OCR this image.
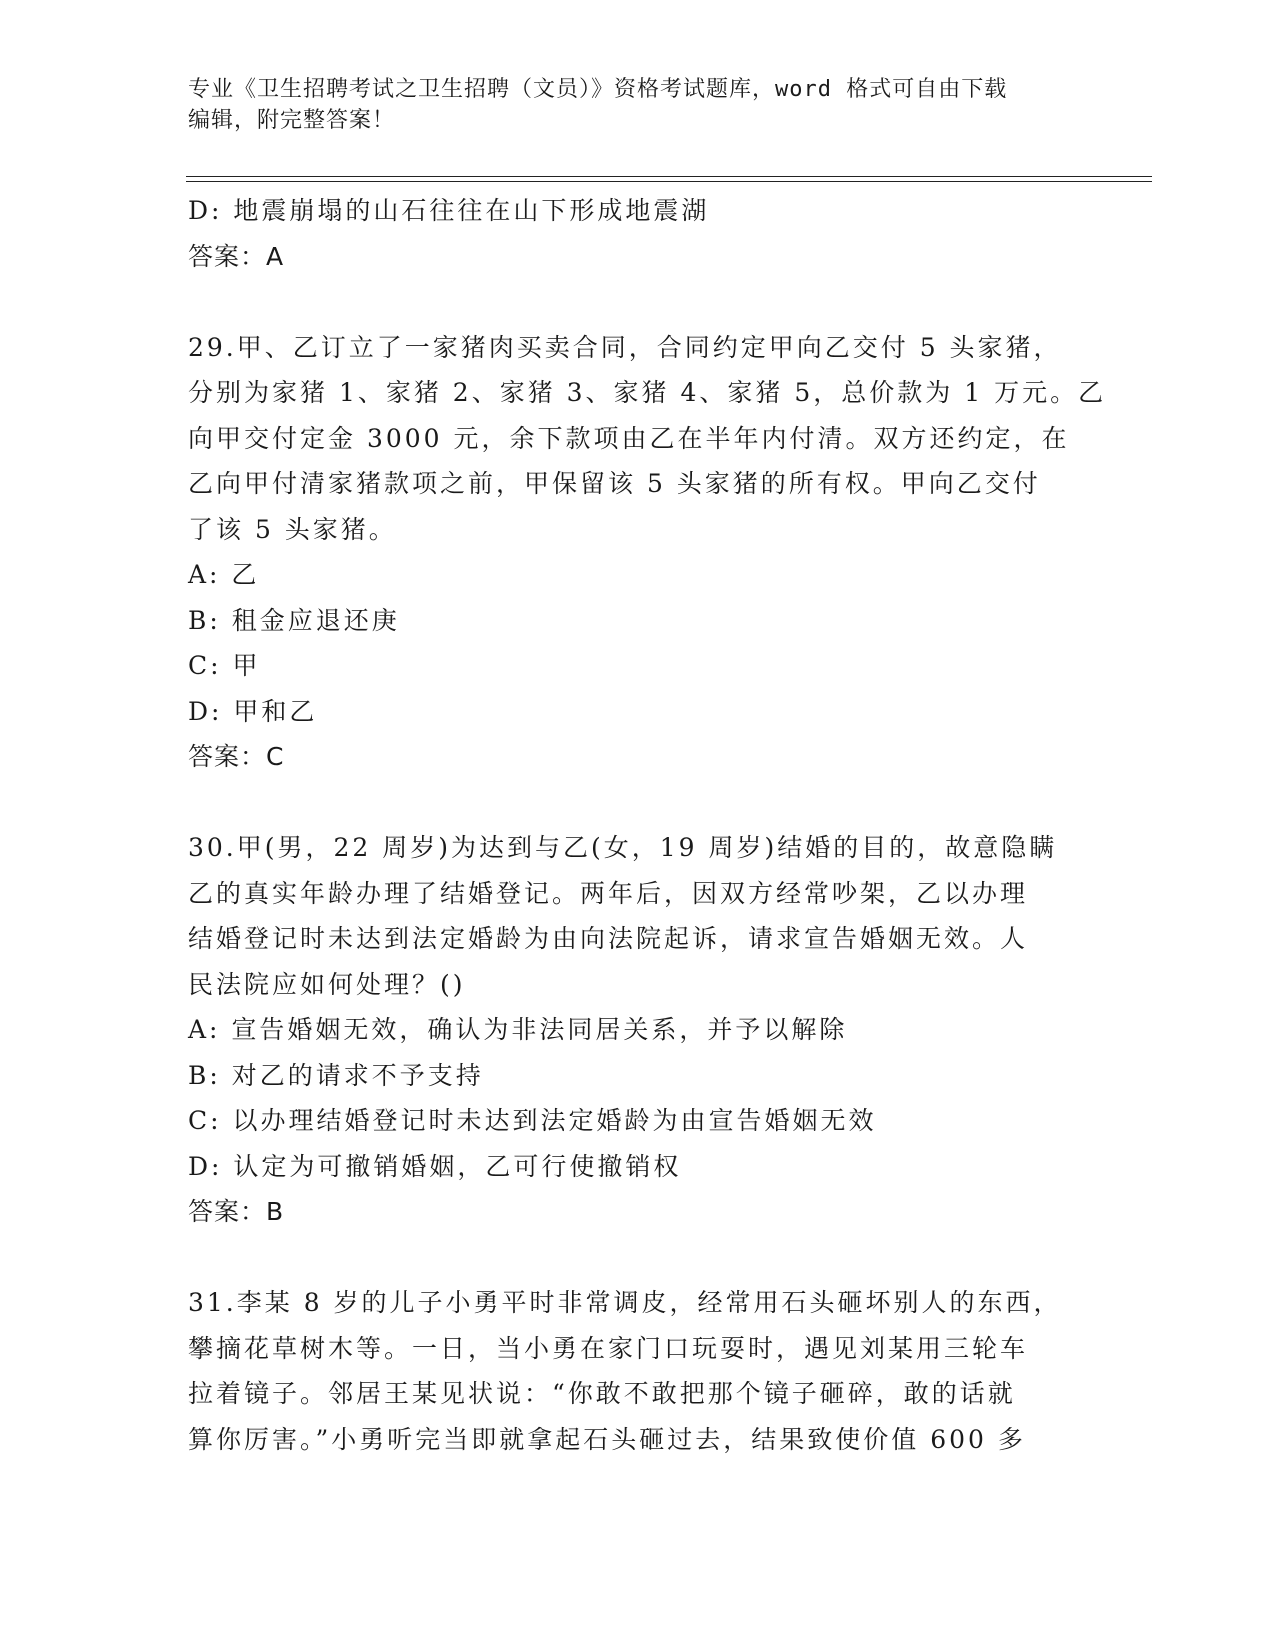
专业《卫生招聘考试之卫生招聘（文员）》资格考试题库，word 格式可自由下载
编辑，附完整答案！
D: 地震崩塌的山石往往在山下形成地震湖
答案：A
29.甲、乙订立了一家猪肉买卖合同，合同约定甲向乙交付 5 头家猪，
分别为家猪 1、家猪 2、家猪 3、家猪 4、家猪 5，总价款为 1 万元。乙
向甲交付定金 3000 元，余下款项由乙在半年内付清。双方还约定，在
乙向甲付清家猪款项之前，甲保留该 5 头家猪的所有权。甲向乙交付
了该 5 头家猪。
A: 乙
B: 租金应退还庚
C: 甲
D: 甲和乙
答案：C
30.甲(男，22 周岁)为达到与乙(女，19 周岁)结婚的目的，故意隐瞒
乙的真实年龄办理了结婚登记。两年后，因双方经常吵架，乙以办理
结婚登记时未达到法定婚龄为由向法院起诉，请求宣告婚姻无效。人
民法院应如何处理？()
A: 宣告婚姻无效，确认为非法同居关系，并予以解除
B: 对乙的请求不予支持
C: 以办理结婚登记时未达到法定婚龄为由宣告婚姻无效
D: 认定为可撤销婚姻，乙可行使撤销权
答案：B
31.李某 8 岁的儿子小勇平时非常调皮，经常用石头砸坏别人的东西，
攀摘花草树木等。一日，当小勇在家门口玩耍时，遇见刘某用三轮车
拉着镜子。邻居王某见状说：“你敢不敢把那个镜子砸碎，敢的话就
算你厉害。”小勇听完当即就拿起石头砸过去，结果致使价值 600 多
